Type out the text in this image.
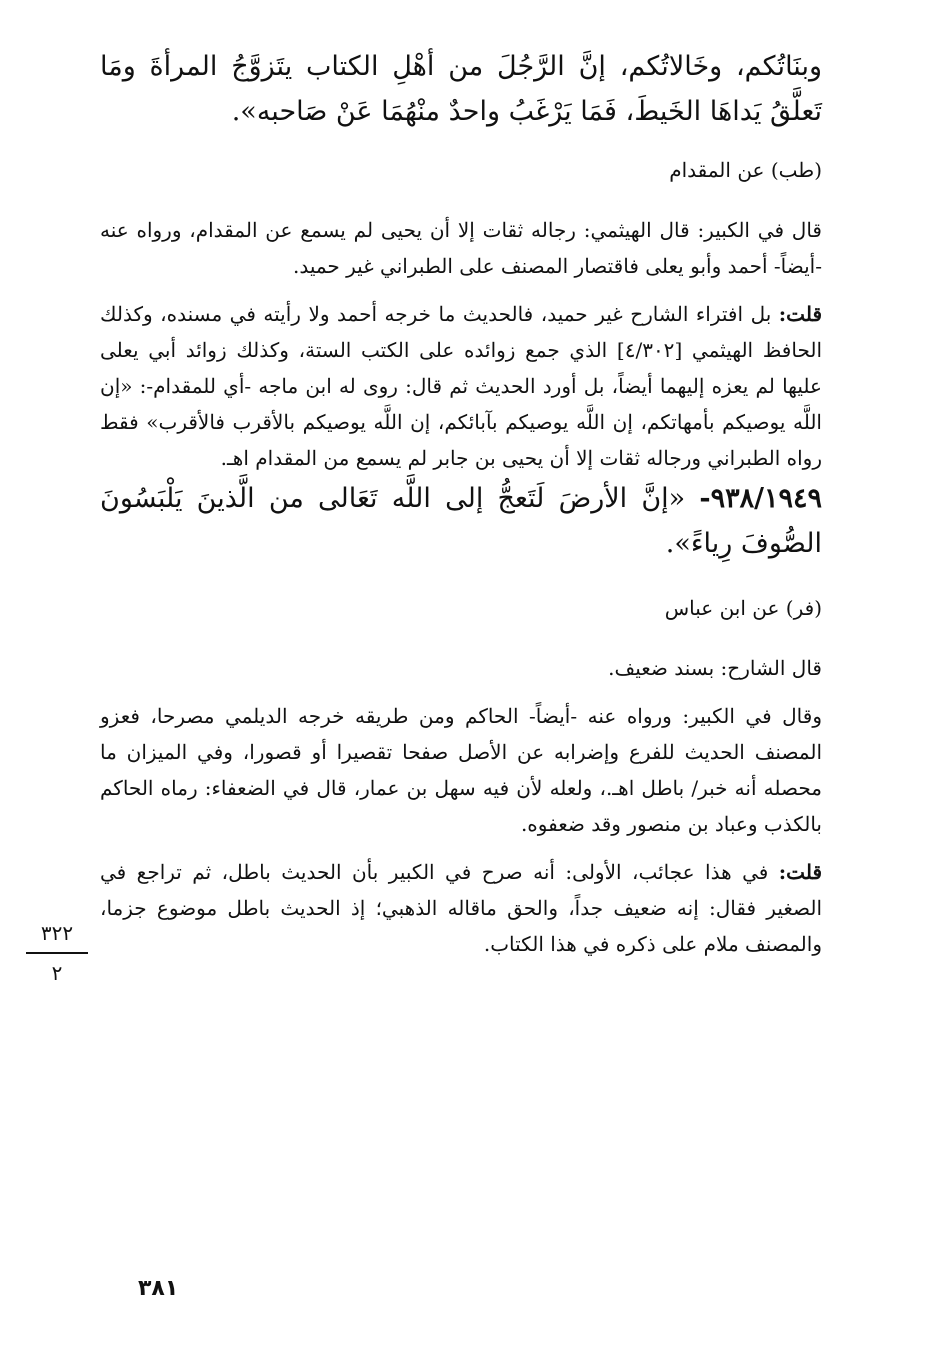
وبنَاتُكم، وخَالاتُكم، إنَّ الرَّجُلَ من أهْلِ الكتاب يتَزوَّجُ المرأةَ ومَا تَعلَّقُ يَداهَا الخَيطَ، فَمَا يَرْغَبُ واحدٌ منْهُمَا عَنْ صَاحبه».

(طب) عن المقدام

قال في الكبير: قال الهيثمي: رجاله ثقات إلا أن يحيى لم يسمع عن المقدام، ورواه عنه -أيضاً- أحمد وأبو يعلى فاقتصار المصنف على الطبراني غير حميد.

قلت: بل افتراء الشارح غير حميد، فالحديث ما خرجه أحمد ولا رأيته في مسنده، وكذلك الحافظ الهيثمي [٤/٣٠٢] الذي جمع زوائده على الكتب الستة، وكذلك زوائد أبي يعلى عليها لم يعزه إليهما أيضاً، بل أورد الحديث ثم قال: روى له ابن ماجه -أي للمقدام-: «إن اللَّه يوصيكم بأمهاتكم، إن اللَّه يوصيكم بآبائكم، إن اللَّه يوصيكم بالأقرب فالأقرب» فقط رواه الطبراني ورجاله ثقات إلا أن يحيى بن جابر لم يسمع من المقدام اهـ.

٩٣٨/١٩٤٩- «إنَّ الأرضَ لَتَعجُّ إلى اللَّه تَعَالى من الَّذينَ يَلْبَسُونَ الصُّوفَ رِياءً».

(فر) عن ابن عباس

قال الشارح: بسند ضعيف.

وقال في الكبير: ورواه عنه -أيضاً- الحاكم ومن طريقه خرجه الديلمي مصرحا، فعزو المصنف الحديث للفرع وإضرابه عن الأصل صفحا تقصيرا أو قصورا، وفي الميزان ما محصله أنه خبر/ باطل اهـ.، ولعله لأن فيه سهل بن عمار، قال في الضعفاء: رماه الحاكم بالكذب وعباد بن منصور وقد ضعفوه.

قلت: في هذا عجائب، الأولى: أنه صرح في الكبير بأن الحديث باطل، ثم تراجع في الصغير فقال: إنه ضعيف جداً، والحق ماقاله الذهبي؛ إذ الحديث باطل موضوع جزما، والمصنف ملام على ذكره في هذا الكتاب.

٣٢٢
٢
٣٨١
